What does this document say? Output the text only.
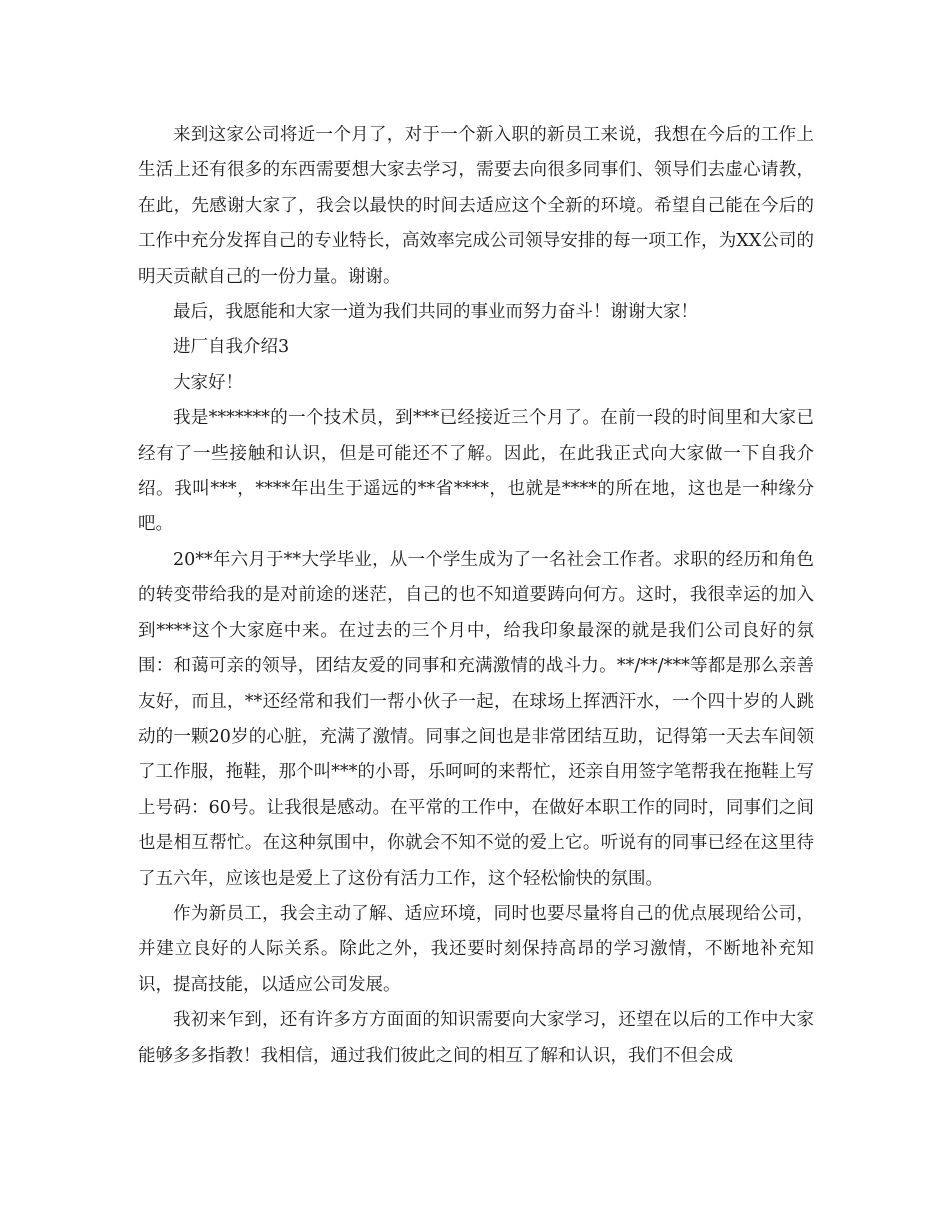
来到这家公司将近一个月了，对于一个新入职的新员工来说，我想在今后的工作上生活上还有很多的东西需要想大家去学习，需要去向很多同事们、领导们去虚心请教，在此，先感谢大家了，我会以最快的时间去适应这个全新的环境。希望自己能在今后的工作中充分发挥自己的专业特长，高效率完成公司领导安排的每一项工作，为XX公司的明天贡献自己的一份力量。谢谢。

最后，我愿能和大家一道为我们共同的事业而努力奋斗！谢谢大家！

进厂自我介绍3

大家好！

我是*******的一个技术员，到***已经接近三个月了。在前一段的时间里和大家已经有了一些接触和认识，但是可能还不了解。因此，在此我正式向大家做一下自我介绍。我叫***，****年出生于遥远的**省****，也就是****的所在地，这也是一种缘分吧。

20**年六月于**大学毕业，从一个学生成为了一名社会工作者。求职的经历和角色的转变带给我的是对前途的迷茫，自己的也不知道要踌向何方。这时，我很幸运的加入到****这个大家庭中来。在过去的三个月中，给我印象最深的就是我们公司良好的氛围：和蔼可亲的领导，团结友爱的同事和充满激情的战斗力。**/**/***等都是那么亲善友好，而且，**还经常和我们一帮小伙子一起，在球场上挥洒汗水，一个四十岁的人跳动的一颗20岁的心脏，充满了激情。同事之间也是非常团结互助，记得第一天去车间领了工作服，拖鞋，那个叫***的小哥，乐呵呵的来帮忙，还亲自用签字笔帮我在拖鞋上写上号码：60号。让我很是感动。在平常的工作中，在做好本职工作的同时，同事们之间也是相互帮忙。在这种氛围中，你就会不知不觉的爱上它。听说有的同事已经在这里待了五六年，应该也是爱上了这份有活力工作，这个轻松愉快的氛围。

作为新员工，我会主动了解、适应环境，同时也要尽量将自己的优点展现给公司，并建立良好的人际关系。除此之外，我还要时刻保持高昂的学习激情，不断地补充知识，提高技能，以适应公司发展。

我初来乍到，还有许多方方面面的知识需要向大家学习，还望在以后的工作中大家能够多多指教！我相信，通过我们彼此之间的相互了解和认识，我们不但会成
